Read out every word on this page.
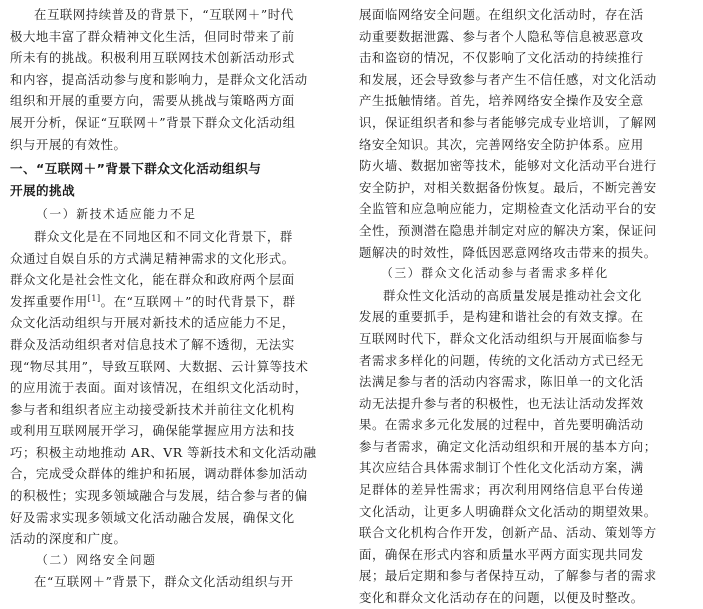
在互联网持续普及的背景下，“互联网＋”时代
极大地丰富了群众精神文化生活，但同时带来了前
所未有的挑战。积极利用互联网技术创新活动形式
和内容，提高活动参与度和影响力，是群众文化活动
组织和开展的重要方向，需要从挑战与策略两方面
展开分析，保证“互联网＋”背景下群众文化活动组
织与开展的有效性。
一、“互联网＋”背景下群众文化活动组织与
开展的挑战
（一）新技术适应能力不足
群众文化是在不同地区和不同文化背景下，群
众通过自娱自乐的方式满足精神需求的文化形式。
群众文化是社会性文化，能在群众和政府两个层面
发挥重要作用[1]。在“互联网＋”的时代背景下，群
众文化活动组织与开展对新技术的适应能力不足，
群众及活动组织者对信息技术了解不透彻，无法实
现“物尽其用”，导致互联网、大数据、云计算等技术
的应用流于表面。面对该情况，在组织文化活动时，
参与者和组织者应主动接受新技术并前往文化机构
或利用互联网展开学习，确保能掌握应用方法和技
巧；积极主动地推动 AR、VR 等新技术和文化活动融
合，完成受众群体的维护和拓展，调动群体参加活动
的积极性；实现多领域融合与发展，结合参与者的偏
好及需求实现多领域文化活动融合发展，确保文化
活动的深度和广度。
（二）网络安全问题
在“互联网＋”背景下，群众文化活动组织与开
展面临网络安全问题。在组织文化活动时，存在活
动重要数据泄露、参与者个人隐私等信息被恶意攻
击和盗窃的情况，不仅影响了文化活动的持续推行
和发展，还会导致参与者产生不信任感，对文化活动
产生抵触情绪。首先，培养网络安全操作及安全意
识，保证组织者和参与者能够完成专业培训，了解网
络安全知识。其次，完善网络安全防护体系。应用
防火墙、数据加密等技术，能够对文化活动平台进行
安全防护，对相关数据备份恢复。最后，不断完善安
全监管和应急响应能力，定期检查文化活动平台的安
全性，预测潜在隐患并制定对应的解决方案，保证问
题解决的时效性，降低因恶意网络攻击带来的损失。
（三）群众文化活动参与者需求多样化
群众性文化活动的高质量发展是推动社会文化
发展的重要抓手，是构建和谐社会的有效支撑。在
互联网时代下，群众文化活动组织与开展面临参与
者需求多样化的问题，传统的文化活动方式已经无
法满足参与者的活动内容需求，陈旧单一的文化活
动无法提升参与者的积极性，也无法让活动发挥效
果。在需求多元化发展的过程中，首先要明确活动
参与者需求，确定文化活动组织和开展的基本方向；
其次应结合具体需求制订个性化文化活动方案，满
足群体的差异性需求；再次利用网络信息平台传递
文化活动，让更多人明确群众文化活动的期望效果。
联合文化机构合作开发，创新产品、活动、策划等方
面，确保在形式内容和质量水平两方面实现共同发
展；最后定期和参与者保持互动，了解参与者的需求
变化和群众文化活动存在的问题，以便及时整改。
